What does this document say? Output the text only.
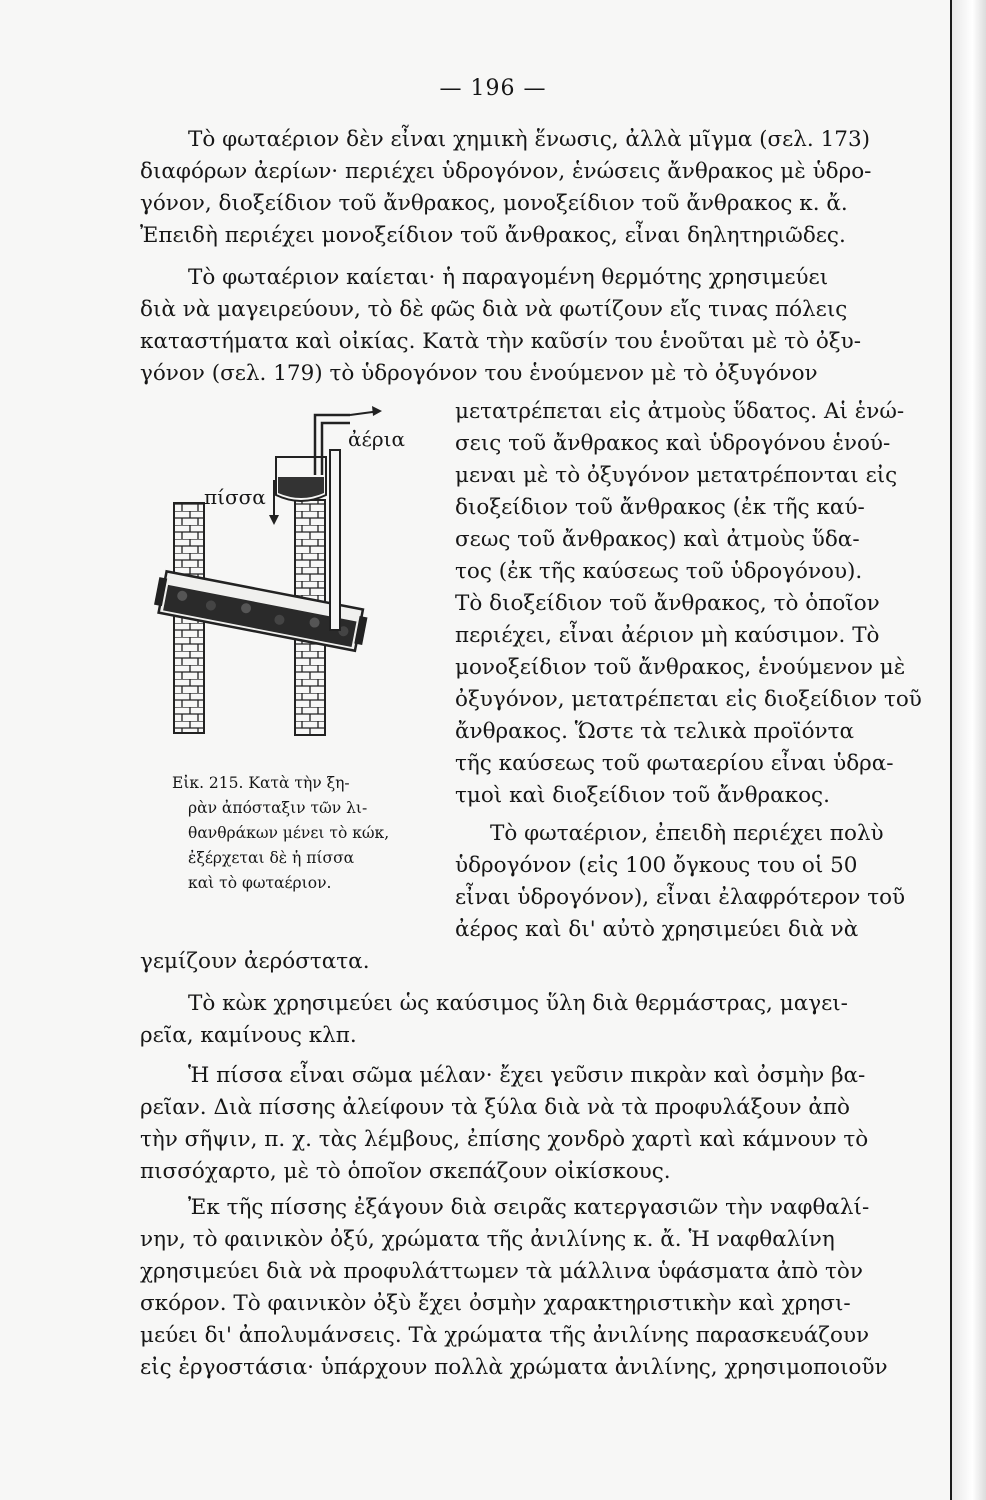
— 196 —
Τὸ φωταέριον δὲν εἶναι χημικὴ ἕνωσις, ἀλλὰ μῖγμα (σελ. 173)
διαφόρων ἀερίων· περιέχει ὑδρογόνον, ἑνώσεις ἄνθρακος μὲ ὑδρο-
γόνον, διοξείδιον τοῦ ἄνθρακος, μονοξείδιον τοῦ ἄνθρακος κ. ἄ.
Ἐπειδὴ περιέχει μονοξείδιον τοῦ ἄνθρακος, εἶναι δηλητηριῶδες.
Τὸ φωταέριον καίεται· ἡ παραγομένη θερμότης χρησιμεύει
διὰ νὰ μαγειρεύουν, τὸ δὲ φῶς διὰ νὰ φωτίζουν εἴς τινας πόλεις
καταστήματα καὶ οἰκίας. Κατὰ τὴν καῦσίν του ἑνοῦται μὲ τὸ ὀξυ-
γόνον (σελ. 179) τὸ ὑδρογόνον του ἑνούμενον μὲ τὸ ὀξυγόνον
μετατρέπεται εἰς ἀτμοὺς ὕδατος. Αἱ ἑνώ-
σεις τοῦ ἄνθρακος καὶ ὑδρογόνου ἑνού-
μεναι μὲ τὸ ὀξυγόνον μετατρέπονται εἰς
διοξείδιον τοῦ ἄνθρακος (ἐκ τῆς καύ-
σεως τοῦ ἄνθρακος) καὶ ἀτμοὺς ὕδα-
τος (ἐκ τῆς καύσεως τοῦ ὑδρογόνου).
Τὸ διοξείδιον τοῦ ἄνθρακος, τὸ ὁποῖον
περιέχει, εἶναι ἀέριον μὴ καύσιμον. Τὸ
μονοξείδιον τοῦ ἄνθρακος, ἑνούμενον μὲ
ὀξυγόνον, μετατρέπεται εἰς διοξείδιον τοῦ
ἄνθρακος. Ὥστε τὰ τελικὰ προϊόντα
τῆς καύσεως τοῦ φωταερίου εἶναι ὑδρα-
τμοὶ καὶ διοξείδιον τοῦ ἄνθρακος.
Τὸ φωταέριον, ἐπειδὴ περιέχει πολὺ
ὑδρογόνον (εἰς 100 ὄγκους του οἱ 50
εἶναι ὑδρογόνον), εἶναι ἐλαφρότερον τοῦ
ἀέρος καὶ δι' αὐτὸ χρησιμεύει διὰ νὰ
γεμίζουν ἀερόστατα.
ἀέρια
πίσσα
Εἰκ. 215. Κατὰ τὴν ξη-
ρὰν ἀπόσταξιν τῶν λι-
θανθράκων μένει τὸ κώκ,
ἐξέρχεται δὲ ἡ πίσσα
καὶ τὸ φωταέριον.
Τὸ κὼκ χρησιμεύει ὡς καύσιμος ὕλη διὰ θερμάστρας, μαγει-
ρεῖα, καμίνους κλπ.
Ἡ πίσσα εἶναι σῶμα μέλαν· ἔχει γεῦσιν πικρὰν καὶ ὀσμὴν βα-
ρεῖαν. Διὰ πίσσης ἀλείφουν τὰ ξύλα διὰ νὰ τὰ προφυλάξουν ἀπὸ
τὴν σῆψιν, π. χ. τὰς λέμβους, ἐπίσης χονδρὸ χαρτὶ καὶ κάμνουν τὸ
πισσόχαρτο, μὲ τὸ ὁποῖον σκεπάζουν οἰκίσκους.
Ἐκ τῆς πίσσης ἐξάγουν διὰ σειρᾶς κατεργασιῶν τὴν ναφθαλί-
νην, τὸ φαινικὸν ὀξύ, χρώματα τῆς ἀνιλίνης κ. ἄ. Ἡ ναφθαλίνη
χρησιμεύει διὰ νὰ προφυλάττωμεν τὰ μάλλινα ὑφάσματα ἀπὸ τὸν
σκόρον. Τὸ φαινικὸν ὀξὺ ἔχει ὀσμὴν χαρακτηριστικὴν καὶ χρησι-
μεύει δι' ἀπολυμάνσεις. Τὰ χρώματα τῆς ἀνιλίνης παρασκευάζουν
εἰς ἐργοστάσια· ὑπάρχουν πολλὰ χρώματα ἀνιλίνης, χρησιμοποιοῦν
